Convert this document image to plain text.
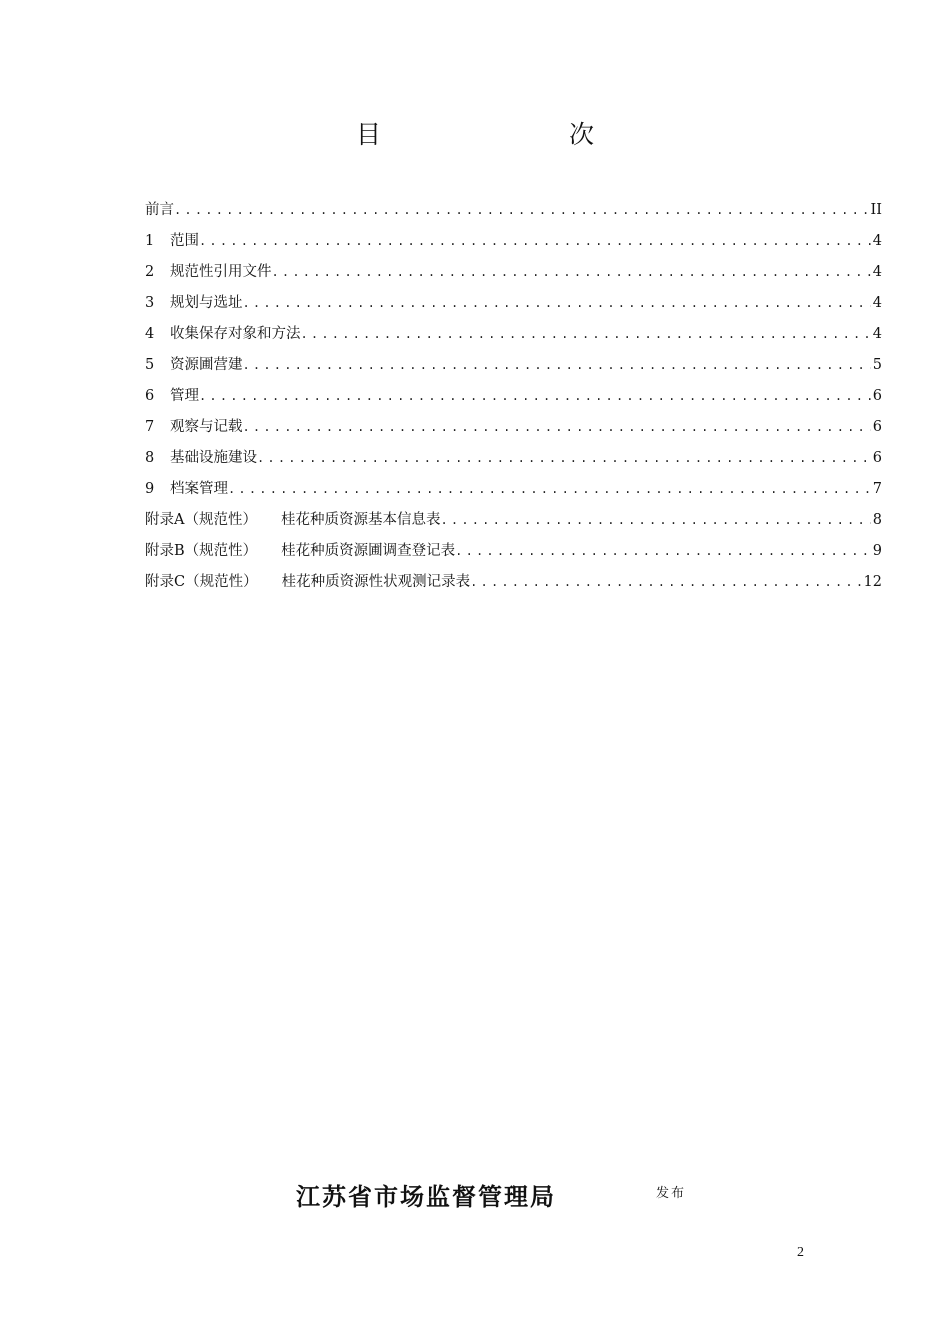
目　　次
前言 .....	II
1	范围 .....	4
2	规范性引用文件 .....	4
3	规划与选址 .....	4
4	收集保存对象和方法 .....	4
5	资源圃营建 .....	5
6	管理 .....	6
7	观察与记载 .....	6
8	基础设施建设 .....	6
9	档案管理 .....	7
附录A（规范性） 桂花种质资源基本信息表 .....	8
附录B（规范性） 桂花种质资源圃调查登记表 .....	9
附录C（规范性） 桂花种质资源性状观测记录表 .....	12
江苏省市场监督管理局	发布
2
